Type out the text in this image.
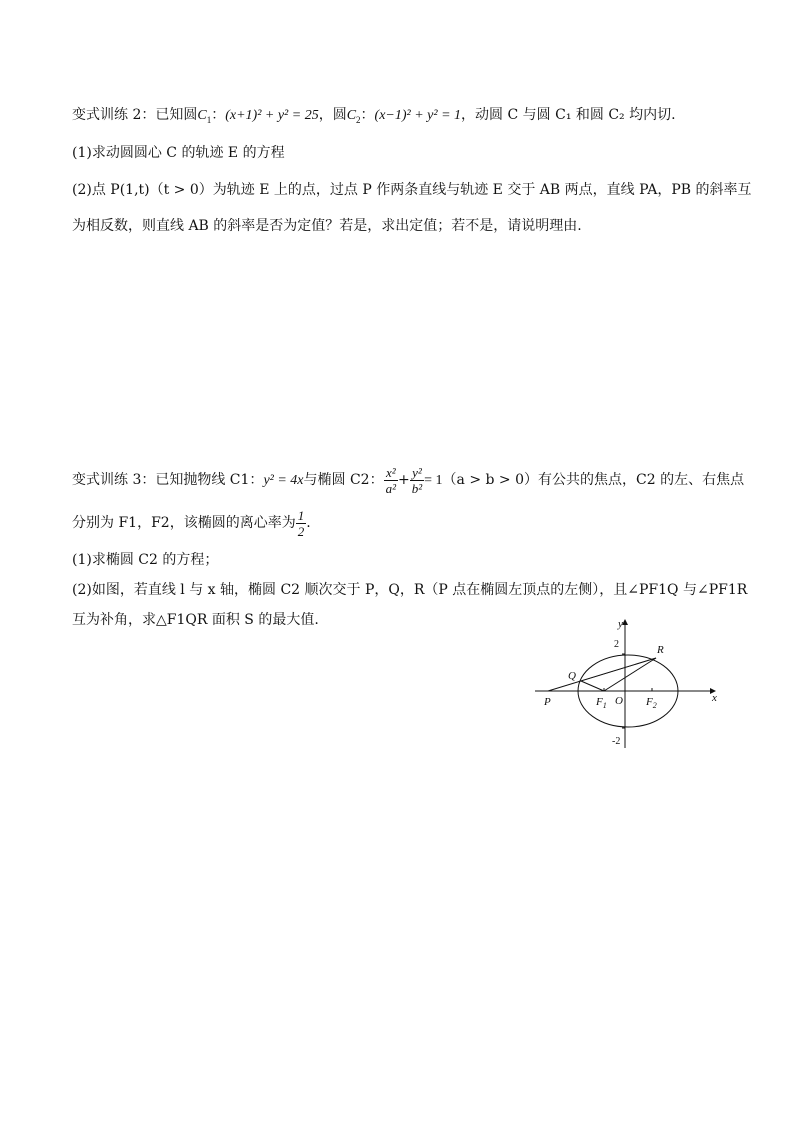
变式训练 2：已知圆$C_1$：(x+1)² + y² = 25，圆$C_2$：(x−1)² + y² = 1，动圆 C 与圆 C₁ 和圆 C₂ 均内切.
(1)求动圆圆心 C 的轨迹 E 的方程
(2)点 P(1,t)（t > 0）为轨迹 E 上的点，过点 P 作两条直线与轨迹 E 交于 AB 两点，直线 PA，PB 的斜率互
为相反数，则直线 AB 的斜率是否为定值？若是，求出定值；若不是，请说明理由.
变式训练 3：已知抛物线 C1：y² = 4x与椭圆 C2： $\frac{\text{x²}}{\text{a²}} + \frac{\text{y²}}{\text{b²}} = 1(a > b > 0)$有公共的焦点，C2 的左、右焦点
分别为 F1，F2，该椭圆的离心率为 $\frac{1}{2}$ .
(1)求椭圆 C2 的方程；
(2)如图，若直线 l 与 x 轴，椭圆 C2 顺次交于 P，Q，R（P 点在椭圆左顶点的左侧），且∠PF1Q 与∠PF1R
互为补角，求△F1QR 面积 S 的最大值.	y
x
2
-2
O
P
Q
R
$F_1$	$F_2$
